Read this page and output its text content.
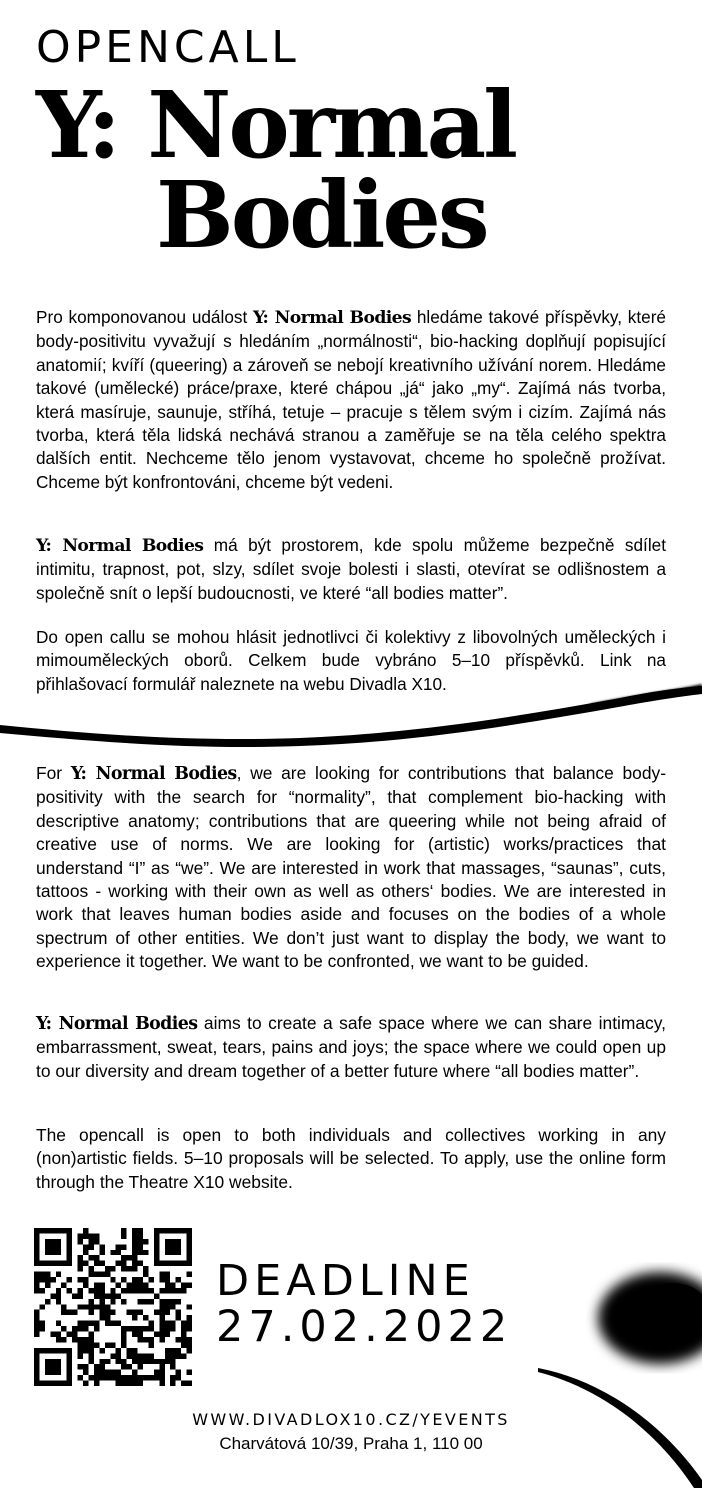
OPENCALL
Y: Normal
Bodies

Pro komponovanou událost Y: Normal Bodies hledáme takové příspěvky, které body-positivitu vyvažují s hledáním „normálnosti“, bio-hacking doplňují popisující anatomií; kvíří (queering) a zároveň se nebojí kreativního užívání norem. Hledáme takové (umělecké) práce/praxe, které chápou „já“ jako „my“. Zajímá nás tvorba, která masíruje, saunuje, stříhá, tetuje – pracuje s tělem svým i cizím. Zajímá nás tvorba, která těla lidská nechává stranou a zaměřuje se na těla celého spektra dalších entit. Nechceme tělo jenom vystavovat, chceme ho společně prožívat. Chceme být konfrontováni, chceme být vedeni.

Y: Normal Bodies má být prostorem, kde spolu můžeme bezpečně sdílet intimitu, trapnost, pot, slzy, sdílet svoje bolesti i slasti, otevírat se odlišnostem a společně snít o lepší budoucnosti, ve které “all bodies matter”.

Do open callu se mohou hlásit jednotlivci či kolektivy z libovolných uměleckých i mimouměleckých oborů. Celkem bude vybráno 5–10 příspěvků. Link na přihlašovací formulář naleznete na webu Divadla X10.

For Y: Normal Bodies, we are looking for contributions that balance body-positivity with the search for “normality”, that complement bio-hacking with descriptive anatomy; contributions that are queering while not being afraid of creative use of norms. We are looking for (artistic) works/practices that understand “I” as “we”. We are interested in work that massages, “saunas”, cuts, tattoos - working with their own as well as others‘ bodies. We are interested in work that leaves human bodies aside and focuses on the bodies of a whole spectrum of other entities. We don’t just want to display the body, we want to experience it together. We want to be confronted, we want to be guided.

Y: Normal Bodies aims to create a safe space where we can share intimacy, embarrassment, sweat, tears, pains and joys; the space where we could open up to our diversity and dream together of a better future where “all bodies matter”.

The opencall is open to both individuals and collectives working in any (non)artistic fields. 5–10 proposals will be selected. To apply, use the online form through the Theatre X10 website.

DEADLINE
27.02.2022
WWW.DIVADLOX10.CZ/YEVENTS
Charvátová 10/39, Praha 1, 110 00
